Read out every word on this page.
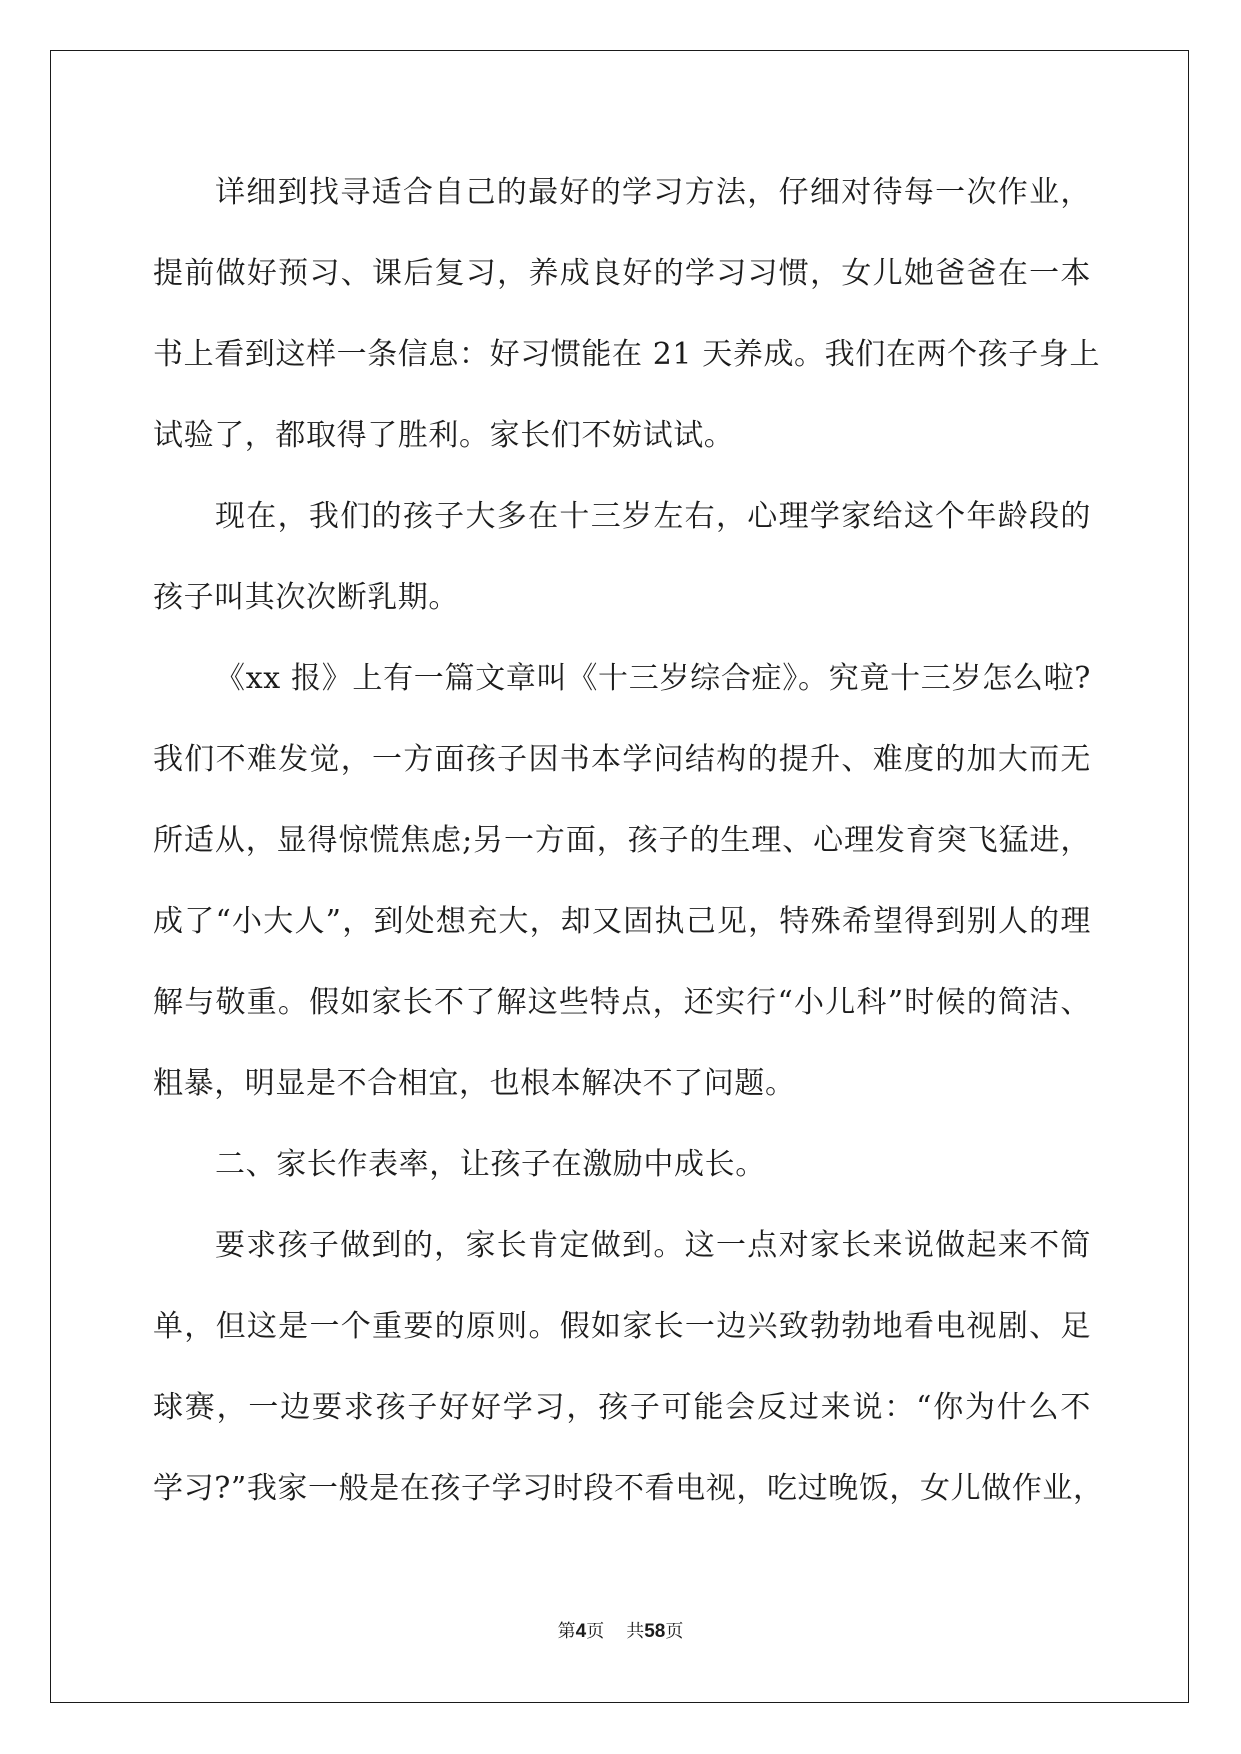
详细到找寻适合自己的最好的学习方法，仔细对待每一次作业，
提前做好预习、课后复习，养成良好的学习习惯，女儿她爸爸在一本
书上看到这样一条信息：好习惯能在 21 天养成。我们在两个孩子身上
试验了，都取得了胜利。家长们不妨试试。
现在，我们的孩子大多在十三岁左右，心理学家给这个年龄段的
孩子叫其次次断乳期。
《xx 报》上有一篇文章叫《十三岁综合症》。究竟十三岁怎么啦?
我们不难发觉，一方面孩子因书本学问结构的提升、难度的加大而无
所适从，显得惊慌焦虑;另一方面，孩子的生理、心理发育突飞猛进，
成了“小大人”，到处想充大，却又固执己见，特殊希望得到别人的理
解与敬重。假如家长不了解这些特点，还实行“小儿科”时候的简洁、
粗暴，明显是不合相宜，也根本解决不了问题。
二、家长作表率，让孩子在激励中成长。
要求孩子做到的，家长肯定做到。这一点对家长来说做起来不简
单，但这是一个重要的原则。假如家长一边兴致勃勃地看电视剧、足
球赛，一边要求孩子好好学习，孩子可能会反过来说：“你为什么不
学习?”我家一般是在孩子学习时段不看电视，吃过晚饭，女儿做作业，
第4页 共58页
